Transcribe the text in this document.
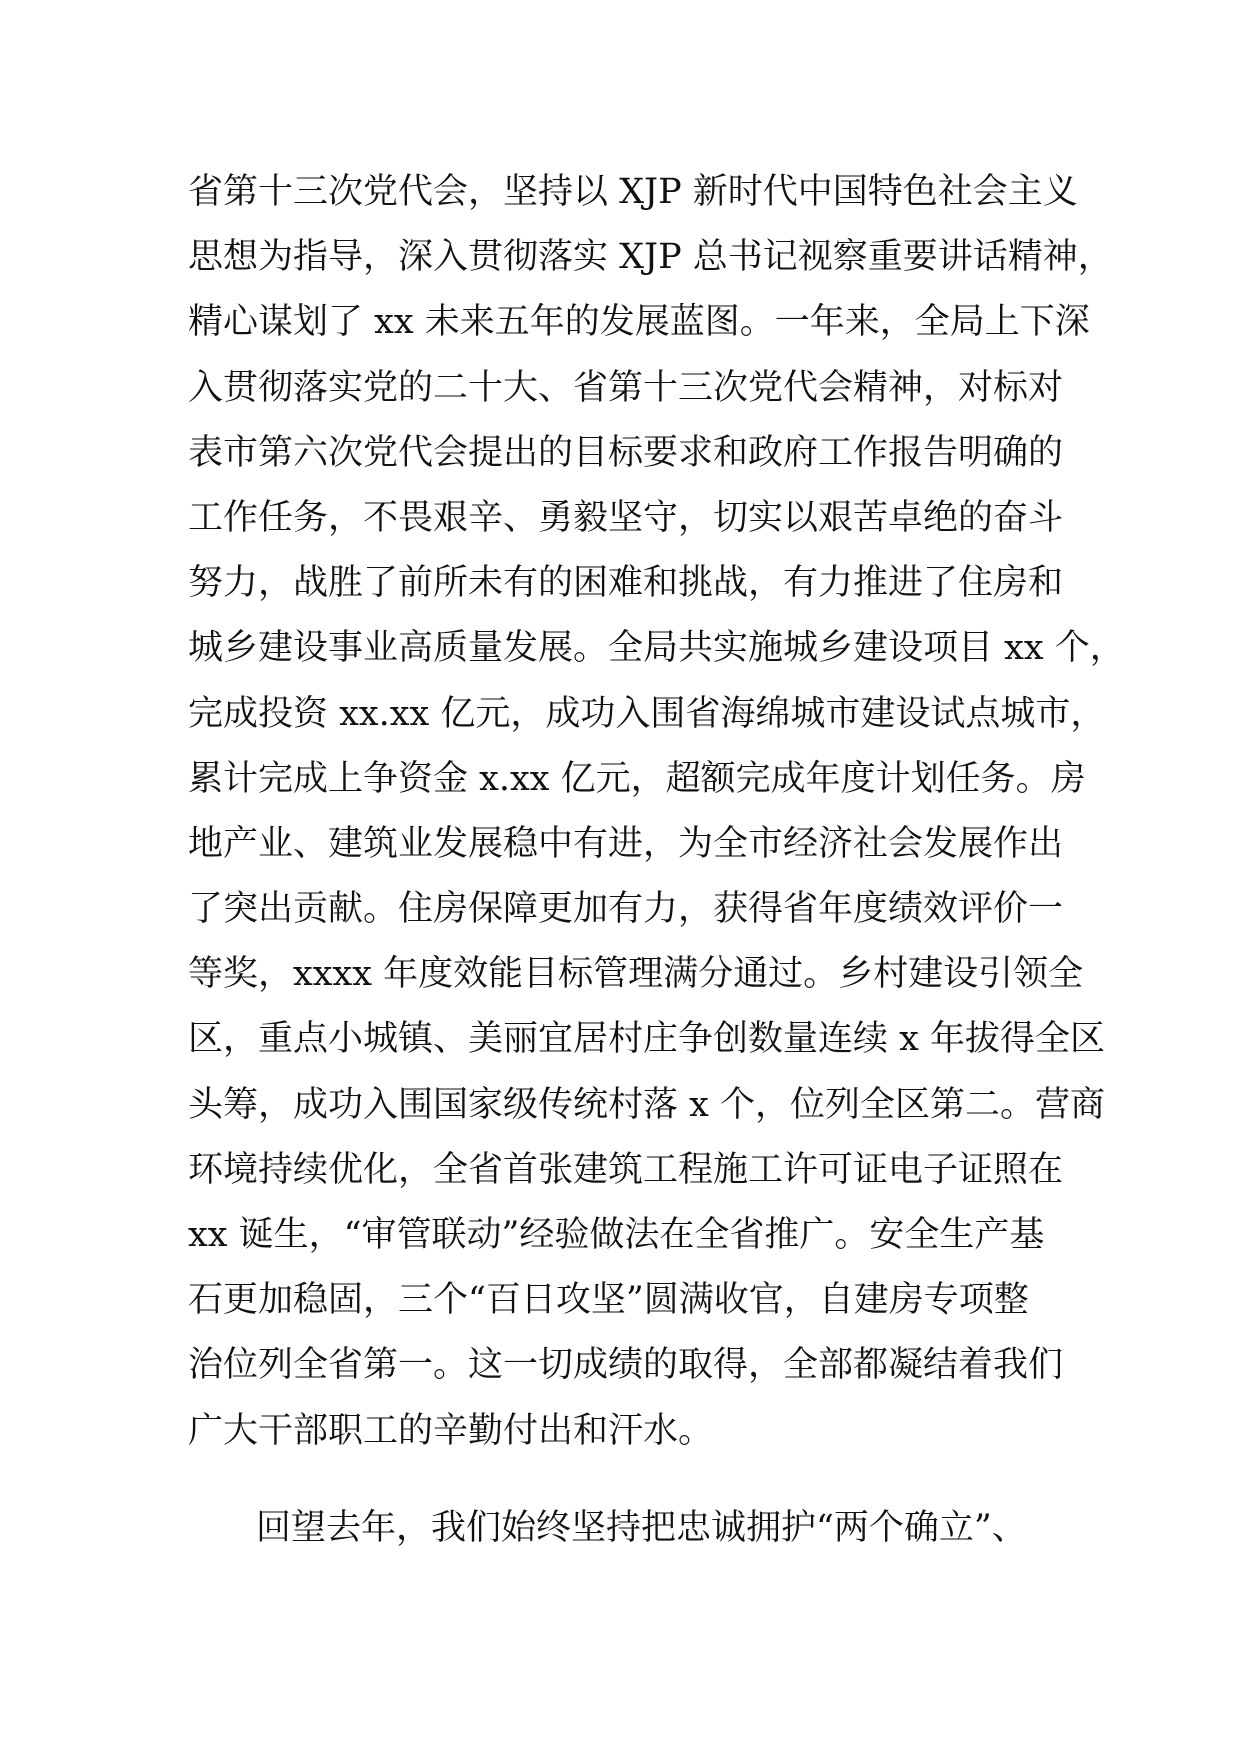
省第十三次党代会，坚持以 XJP 新时代中国特色社会主义
思想为指导，深入贯彻落实 XJP 总书记视察重要讲话精神，
精心谋划了 xx 未来五年的发展蓝图。一年来，全局上下深
入贯彻落实党的二十大、省第十三次党代会精神，对标对
表市第六次党代会提出的目标要求和政府工作报告明确的
工作任务，不畏艰辛、勇毅坚守，切实以艰苦卓绝的奋斗
努力，战胜了前所未有的困难和挑战，有力推进了住房和
城乡建设事业高质量发展。全局共实施城乡建设项目 xx 个，
完成投资 xx.xx 亿元，成功入围省海绵城市建设试点城市，
累计完成上争资金 x.xx 亿元，超额完成年度计划任务。房
地产业、建筑业发展稳中有进，为全市经济社会发展作出
了突出贡献。住房保障更加有力，获得省年度绩效评价一
等奖，xxxx 年度效能目标管理满分通过。乡村建设引领全
区，重点小城镇、美丽宜居村庄争创数量连续 x 年拔得全区
头筹，成功入围国家级传统村落 x 个，位列全区第二。营商
环境持续优化，全省首张建筑工程施工许可证电子证照在
xx 诞生，“审管联动”经验做法在全省推广。安全生产基
石更加稳固，三个“百日攻坚”圆满收官，自建房专项整
治位列全省第一。这一切成绩的取得，全部都凝结着我们
广大干部职工的辛勤付出和汗水。
回望去年，我们始终坚持把忠诚拥护“两个确立”、
